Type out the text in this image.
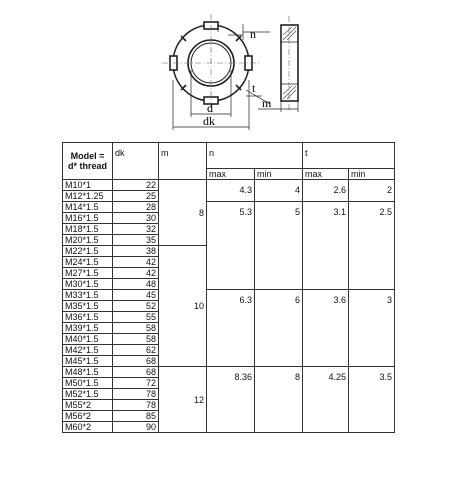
n
t
d
dk
m
Model =
d* thread	dk	m	n		t	
			max	min	max	min
M10*1	22	8	4.3	4	2.6	2
M12*1.25	25					
M14*1.5	28		5.3	5	3.1	2.5
M16*1.5	30					
M18*1.5	32					
M20*1.5	35					
M22*1.5	38	10				
M24*1.5	42					
M27*1.5	42					
M30*1.5	48					
M33*1.5	45		6.3	6	3.6	3
M35*1.5	52					
M36*1.5	55					
M39*1.5	58					
M40*1.5	58					
M42*1.5	62					
M45*1.5	68					
M48*1.5	68	12	8.36	8	4.25	3.5
M50*1.5	72					
M52*1.5	78					
M55*2	78					
M56*2	85					
M60*2	90					
